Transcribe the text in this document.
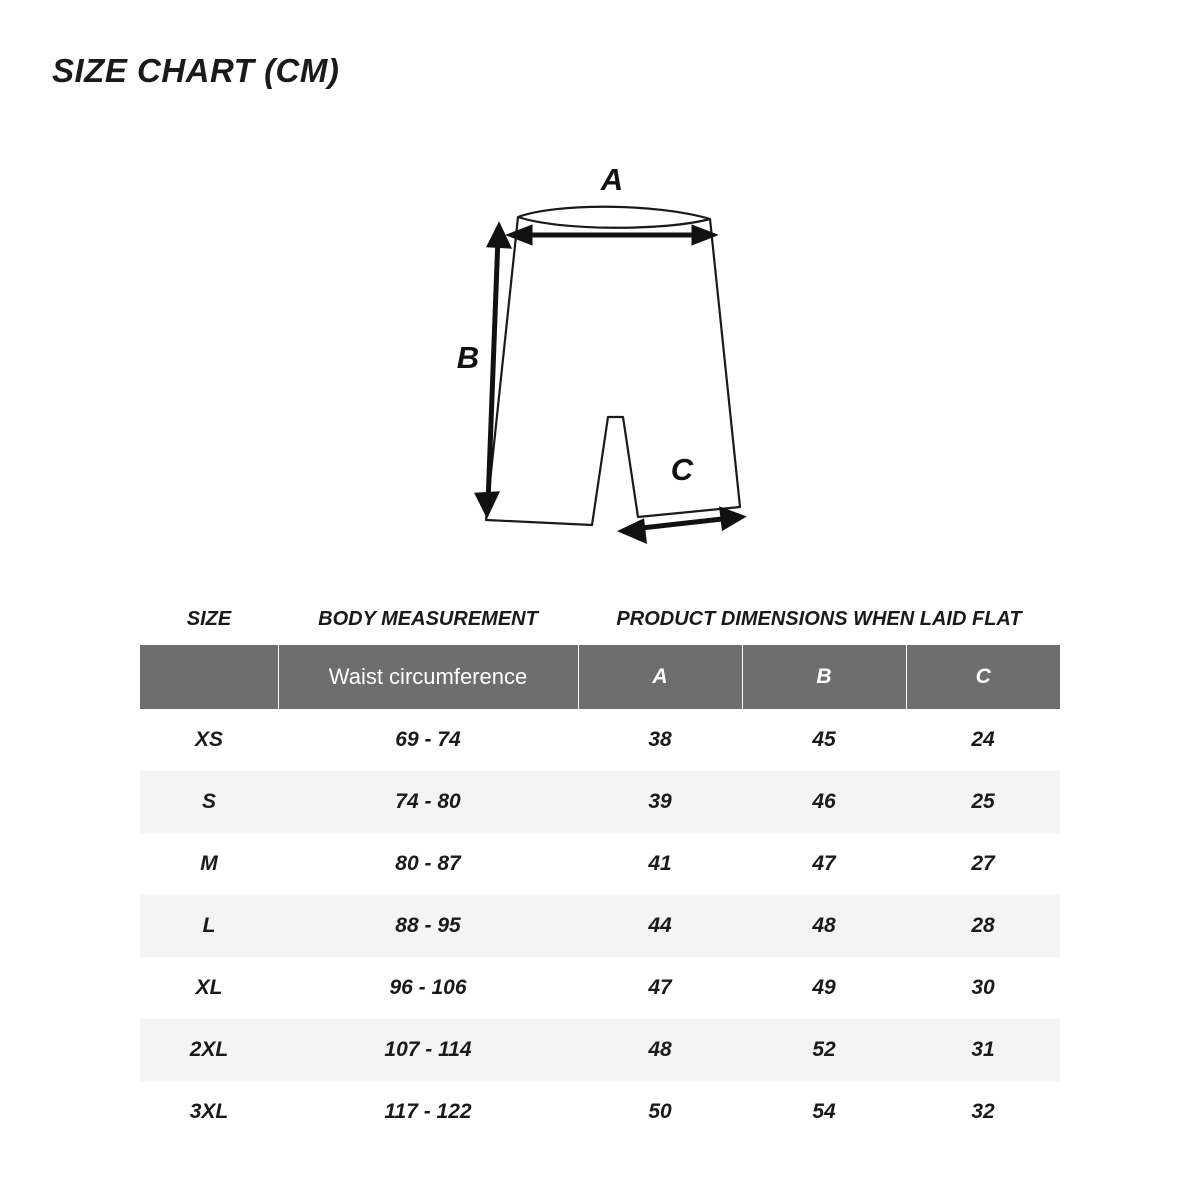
SIZE CHART (CM)
A
B
C
SIZE	BODY MEASUREMENT	PRODUCT DIMENSIONS WHEN LAID FLAT		
	Waist circumference	A	B	C
XS	69 - 74	38	45	24
S	74 - 80	39	46	25
M	80 - 87	41	47	27
L	88 - 95	44	48	28
XL	96 - 106	47	49	30
2XL	107 - 114	48	52	31
3XL	117 - 122	50	54	32
